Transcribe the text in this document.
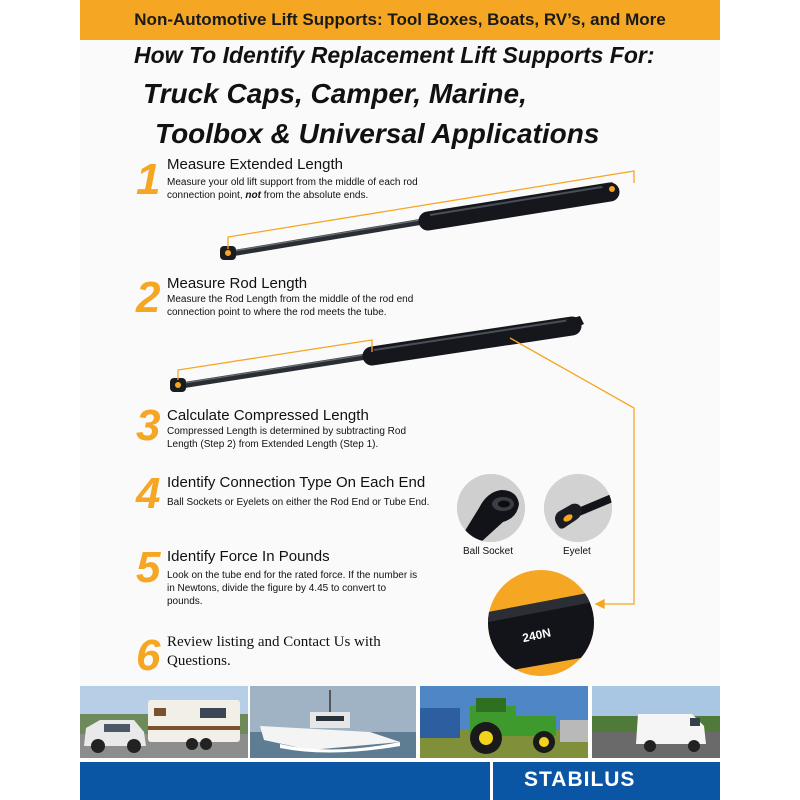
Non-Automotive Lift Supports: Tool Boxes, Boats, RV’s, and More
How To Identify Replacement Lift Supports For:
Truck Caps, Camper, Marine,
Toolbox & Universal Applications
1 Measure Extended Length
Measure your old lift support from the middle of each rod connection point, not from the absolute ends.
2 Measure Rod Length
Measure the Rod Length from the middle of the rod end connection point to where the rod meets the tube.
3 Calculate Compressed Length
Compressed Length is determined by subtracting Rod Length (Step 2) from Extended Length (Step 1).
4 Identify Connection Type On Each End
Ball Sockets or Eyelets on either the Rod End or Tube End.
5 Identify Force In Pounds
Look on the tube end for the rated force. If the number is in Newtons, divide the figure by 4.45 to convert to pounds.
6 Review listing and Contact Us with Questions.
Ball Socket	Eyelet
240N
STABILUS
